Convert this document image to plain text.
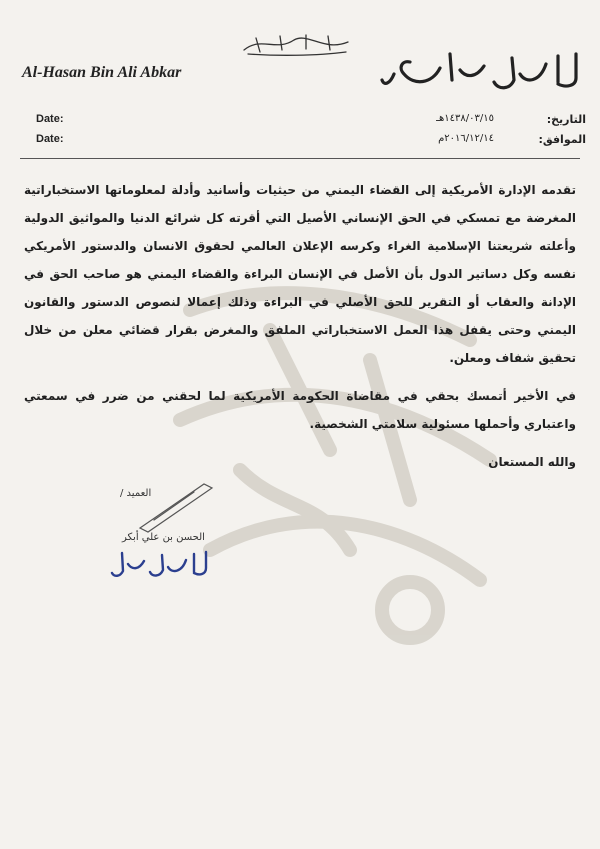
Al-Hasan Bin Ali Abkar
الحسن بن علي أبكر
Date:
Date:
التاريخ:
١٤٣٨/٠٣/١٥هـ
الموافق:
٢٠١٦/١٢/١٤م

تقدمه الإدارة الأمريكية إلى القضاء اليمني من حيثيات وأسانيد وأدلة لمعلوماتها الاستخباراتية المغرضة مع تمسكي في الحق الإنساني الأصيل التي أقرته كل شرائع الدنيا والمواثيق الدولية وأعلته شريعتنا الإسلامية الغراء وكرسه الإعلان العالمي لحقوق الانسان والدستور الأمريكي نفسه وكل دساتير الدول بأن الأصل في الإنسان البراءة والقضاء اليمني هو صاحب الحق في الإدانة والعقاب أو التقرير للحق الأصلي في البراءة وذلك إعمالا لنصوص الدستور والقانون اليمني وحتى يقفل هذا العمل الاستخباراتي الملفق والمغرض بقرار قضائي معلن من خلال تحقيق شفاف ومعلن.

في الأخير أتمسك بحقي في مقاضاة الحكومة الأمريكية لما لحقني من ضرر في سمعتي واعتباري وأحملها مسئولية سلامتي الشخصية.

والله المستعان

العميد /
الحسن بن علي أبكر
الحسن بن علي أبكر
